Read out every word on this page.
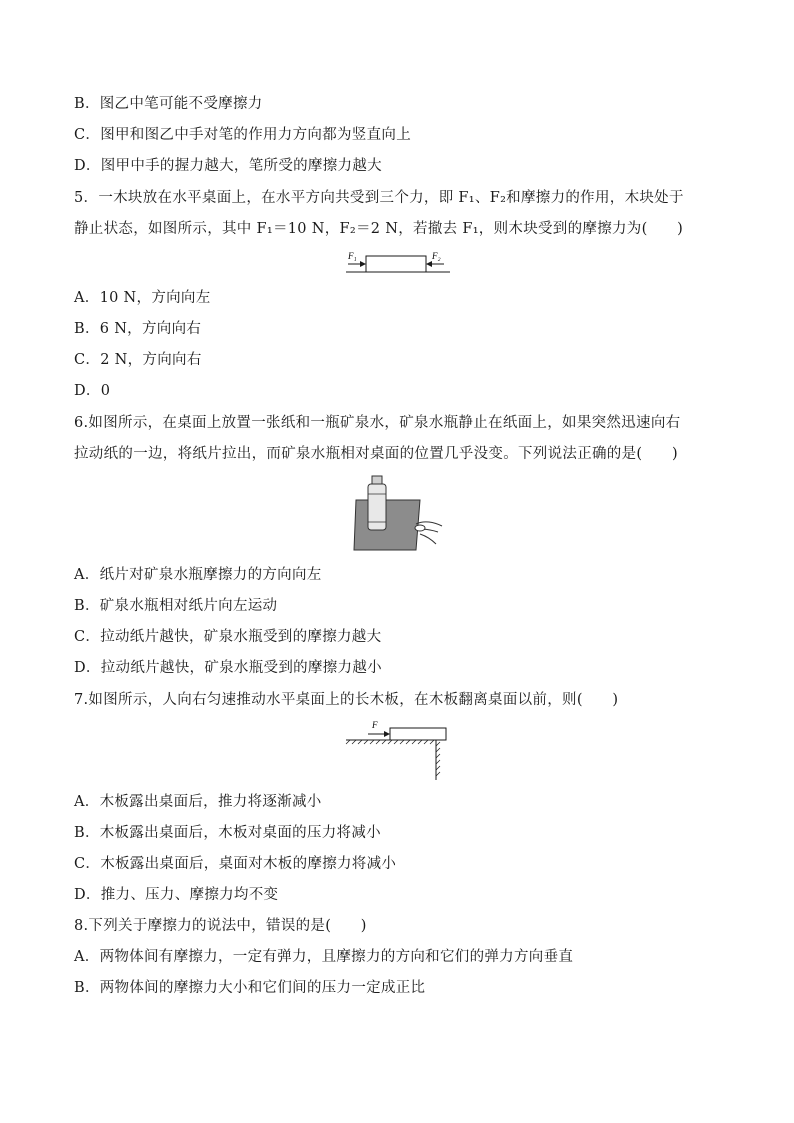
B．图乙中笔可能不受摩擦力
C．图甲和图乙中手对笔的作用力方向都为竖直向上
D．图甲中手的握力越大，笔所受的摩擦力越大
5．一木块放在水平桌面上，在水平方向共受到三个力，即 F₁、F₂和摩擦力的作用，木块处于
静止状态，如图所示，其中 F₁＝10 N，F₂＝2 N，若撤去 F₁，则木块受到的摩擦力为(　　)
F₁	F₂
A．10 N，方向向左
B．6 N，方向向右
C．2 N，方向向右
D．0
6.如图所示，在桌面上放置一张纸和一瓶矿泉水，矿泉水瓶静止在纸面上，如果突然迅速向右
拉动纸的一边，将纸片拉出，而矿泉水瓶相对桌面的位置几乎没变。下列说法正确的是(　　)
A．纸片对矿泉水瓶摩擦力的方向向左
B．矿泉水瓶相对纸片向左运动
C．拉动纸片越快，矿泉水瓶受到的摩擦力越大
D．拉动纸片越快，矿泉水瓶受到的摩擦力越小
7.如图所示，人向右匀速推动水平桌面上的长木板，在木板翻离桌面以前，则(　　)
F
A．木板露出桌面后，推力将逐渐减小
B．木板露出桌面后，木板对桌面的压力将减小
C．木板露出桌面后，桌面对木板的摩擦力将减小
D．推力、压力、摩擦力均不变
8.下列关于摩擦力的说法中，错误的是(　　)
A．两物体间有摩擦力，一定有弹力，且摩擦力的方向和它们的弹力方向垂直
B．两物体间的摩擦力大小和它们间的压力一定成正比
